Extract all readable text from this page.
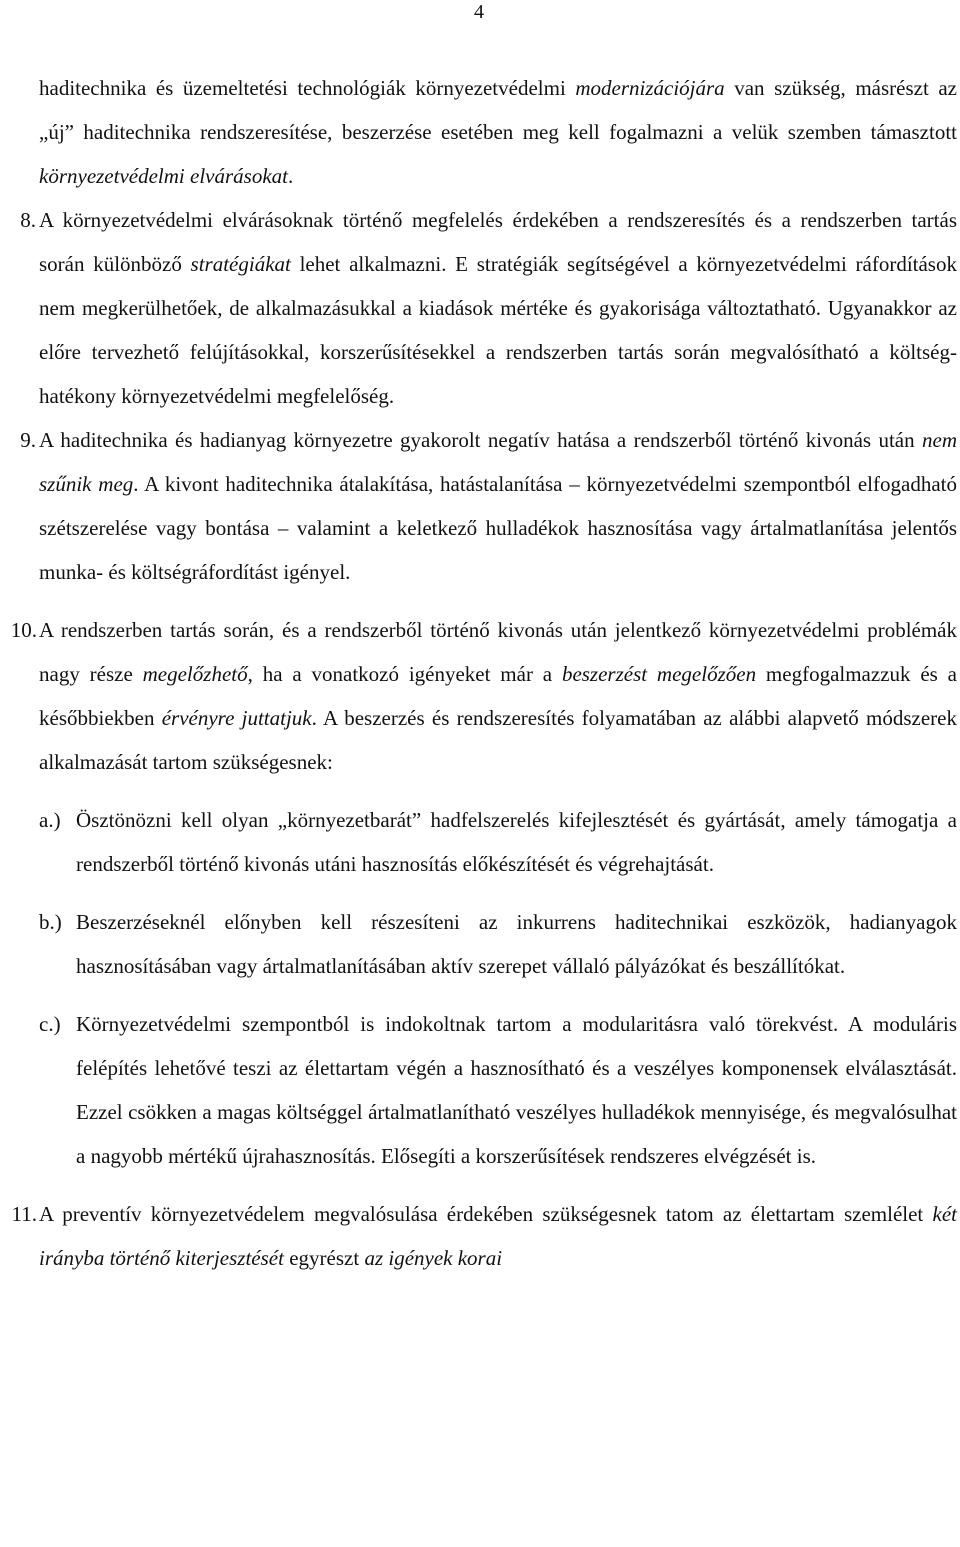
4

haditechnika és üzemeltetési technológiák környezetvédelmi modernizációjára van szükség, másrészt az „új” haditechnika rendszeresítése, beszerzése esetében meg kell fogalmazni a velük szemben támasztott környezetvédelmi elvárásokat.

8. A környezetvédelmi elvárásoknak történő megfelelés érdekében a rendszeresítés és a rendszerben tartás során különböző stratégiákat lehet alkalmazni. E stratégiák segítségével a környezetvédelmi ráfordítások nem megkerülhetőek, de alkalmazásukkal a kiadások mértéke és gyakorisága változtatható. Ugyanakkor az előre tervezhető felújításokkal, korszerűsítésekkel a rendszerben tartás során megvalósítható a költség-hatékony környezetvédelmi megfelelőség.

9. A haditechnika és hadianyag környezetre gyakorolt negatív hatása a rendszerből történő kivonás után nem szűnik meg. A kivont haditechnika átalakítása, hatástalanítása – környezetvédelmi szempontból elfogadható szétszerelése vagy bontása – valamint a keletkező hulladékok hasznosítása vagy ártalmatlanítása jelentős munka- és költségráfordítást igényel.

10. A rendszerben tartás során, és a rendszerből történő kivonás után jelentkező környezetvédelmi problémák nagy része megelőzhető, ha a vonatkozó igényeket már a beszerzést megelőzően megfogalmazzuk és a későbbiekben érvényre juttatjuk. A beszerzés és rendszeresítés folyamatában az alábbi alapvető módszerek alkalmazását tartom szükségesnek:

a.) Ösztönözni kell olyan „környezetbarát” hadfelszerelés kifejlesztését és gyártását, amely támogatja a rendszerből történő kivonás utáni hasznosítás előkészítését és végrehajtását.

b.) Beszerzéseknél előnyben kell részesíteni az inkurrens haditechnikai eszközök, hadianyagok hasznosításában vagy ártalmatlanításában aktív szerepet vállaló pályázókat és beszállítókat.

c.) Környezetvédelmi szempontból is indokoltnak tartom a modularitásra való törekvést. A moduláris felépítés lehetővé teszi az élettartam végén a hasznosítható és a veszélyes komponensek elválasztását. Ezzel csökken a magas költséggel ártalmatlanítható veszélyes hulladékok mennyisége, és megvalósulhat a nagyobb mértékű újrahasznosítás. Elősegíti a korszerűsítések rendszeres elvégzését is.

11. A preventív környezetvédelem megvalósulása érdekében szükségesnek tatom az élettartam szemlélet két irányba történő kiterjesztését egyrészt az igények korai
